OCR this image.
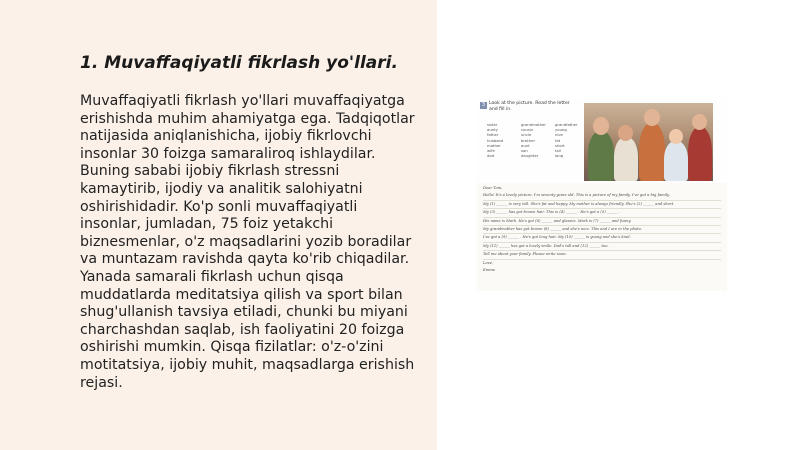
1. Muvaffaqiyatli fikrlash yo'llari.

Muvaffaqiyatli fikrlash yo'llari muvaffaqiyatga erishishda muhim ahamiyatga ega. Tadqiqotlar natijasida aniqlanishicha, ijobiy fikrlovchi insonlar 30 foizga samaraliroq ishlaydilar. Buning sababi ijobiy fikrlash stressni kamaytirib, ijodiy va analitik salohiyatni oshirishidadir. Ko'p sonli muvaffaqiyatli insonlar, jumladan, 75 foiz yetakchi biznesmenlar, o'z maqsadlarini yozib boradilar va muntazam ravishda qayta ko'rib chiqadilar. Yanada samarali fikrlash uchun qisqa muddatlarda meditatsiya qilish va sport bilan shug'ullanish tavsiya etiladi, chunki bu miyani charchashdan saqlab, ish faoliyatini 20 foizga oshirishi mumkin. Qisqa fizilatlar: o'z-o'zini motitatsiya, ijobiy muhit, maqsadlarga erishish rejasi.

3 Look at the picture. Read the letter and fill in.
sister
aunty
father
husband
mother
wife
dad
grandmother
cousin
uncle
brother
aunt
son
daughter
grandfather
young
nice
fat
short
tall
long
Dear Tom,
Hello! It's a lovely picture. I'm seventy years old. This is a picture of my family. I've got a big family.
My (1) ______ is very tall. She's fat and happy. My mother is always friendly. She's (2) ______ and short.
My (3) ______ has got brown hair. This is (4) ______ . He's got a (5) ______ .
His name is Mark. He's got (6) ______ and glasses. Mark is (7) ______ and funny.
My grandmother has got brown (8) ______ and she's nice. This and I are in the photo.
I've got a (9) ______ . He's got long hair. My (10) ______ is young and she's kind.
My (11) ______ has got a lovely smile. Dad's tall and (12) ______ too.
Tell me about your family. Please write soon.
Love,
Emma
